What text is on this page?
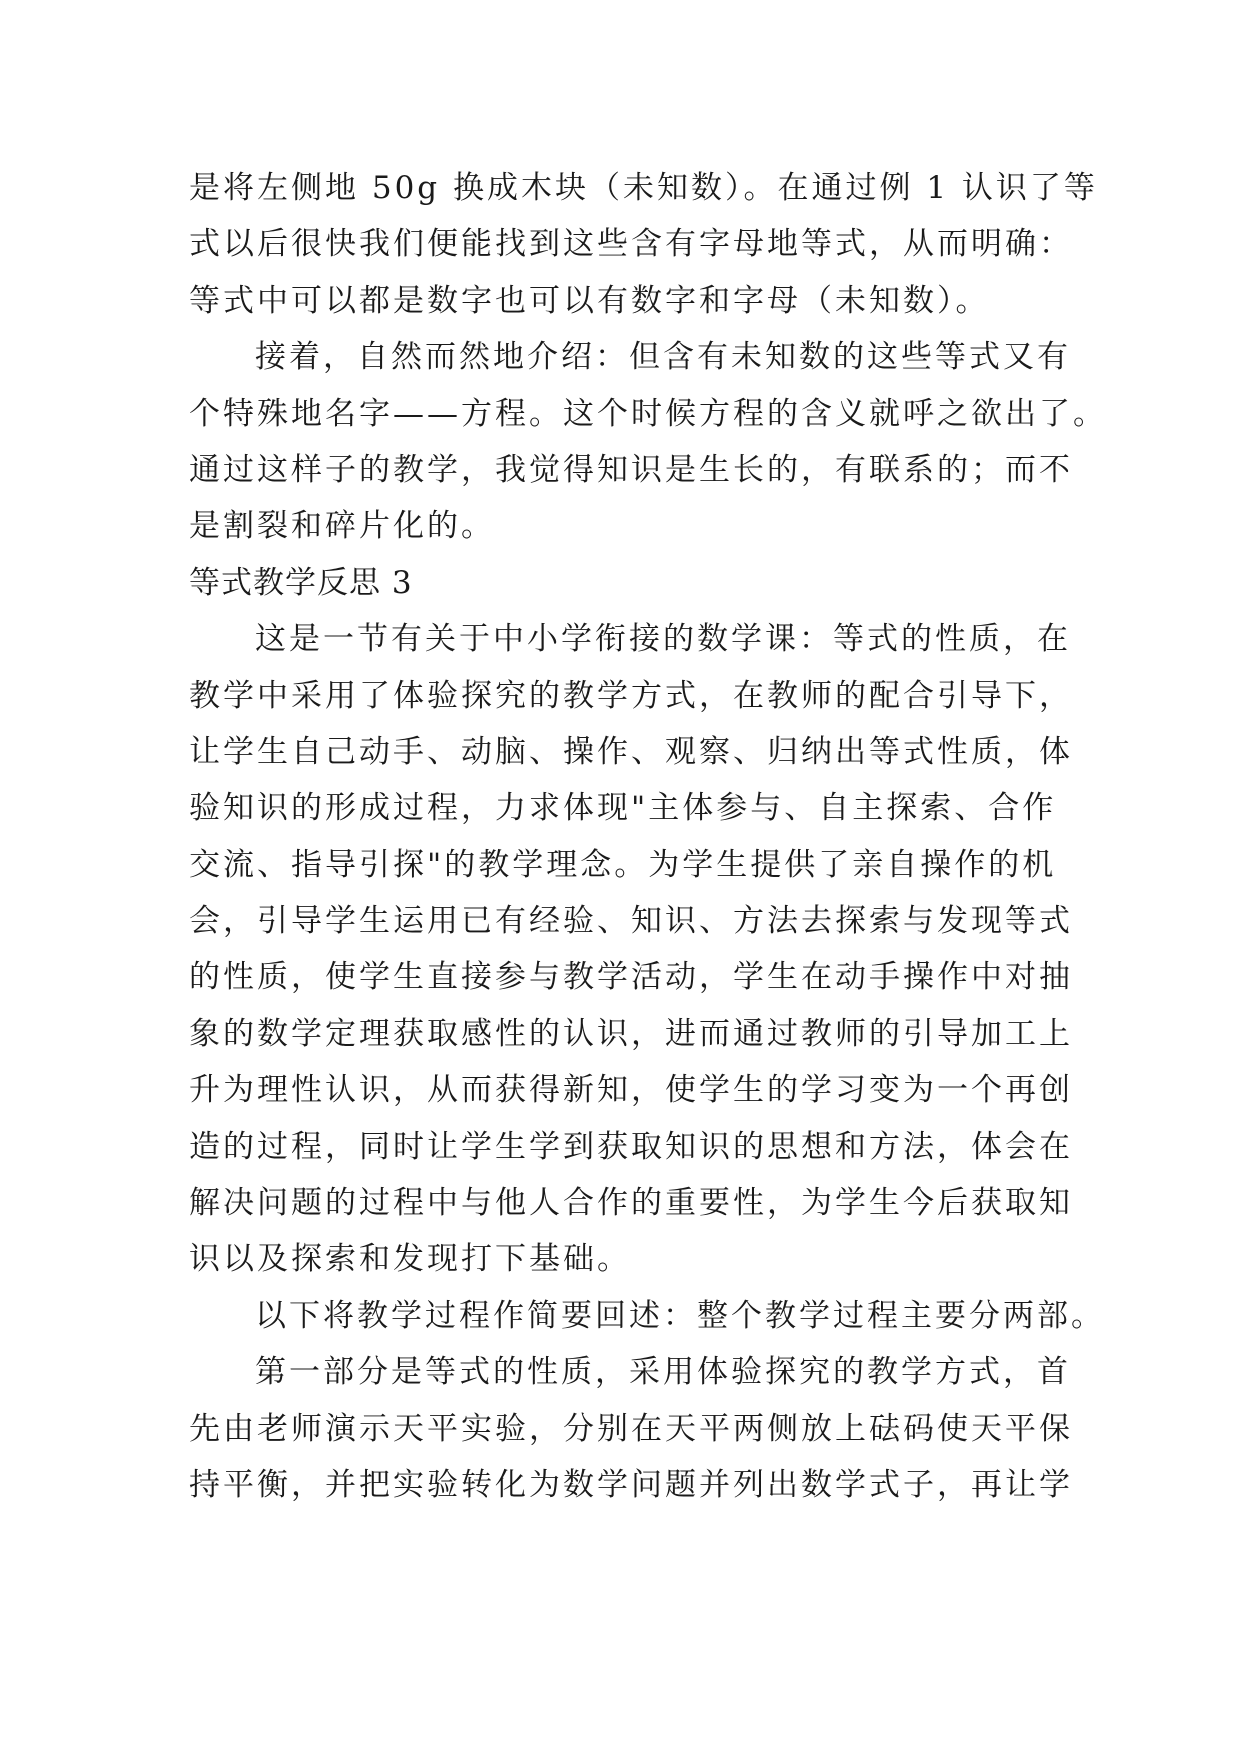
是将左侧地 50g 换成木块（未知数）。在通过例 1 认识了等
式以后很快我们便能找到这些含有字母地等式，从而明确：
等式中可以都是数字也可以有数字和字母（未知数）。
接着，自然而然地介绍：但含有未知数的这些等式又有
个特殊地名字——方程。这个时候方程的含义就呼之欲出了。
通过这样子的教学，我觉得知识是生长的，有联系的；而不
是割裂和碎片化的。
等式教学反思 3
这是一节有关于中小学衔接的数学课：等式的性质，在
教学中采用了体验探究的教学方式，在教师的配合引导下，
让学生自己动手、动脑、操作、观察、归纳出等式性质，体
验知识的形成过程，力求体现"主体参与、自主探索、合作
交流、指导引探"的教学理念。为学生提供了亲自操作的机
会，引导学生运用已有经验、知识、方法去探索与发现等式
的性质，使学生直接参与教学活动，学生在动手操作中对抽
象的数学定理获取感性的认识，进而通过教师的引导加工上
升为理性认识，从而获得新知，使学生的学习变为一个再创
造的过程，同时让学生学到获取知识的思想和方法，体会在
解决问题的过程中与他人合作的重要性，为学生今后获取知
识以及探索和发现打下基础。
以下将教学过程作简要回述：整个教学过程主要分两部。
第一部分是等式的性质，采用体验探究的教学方式，首
先由老师演示天平实验，分别在天平两侧放上砝码使天平保
持平衡，并把实验转化为数学问题并列出数学式子，再让学
